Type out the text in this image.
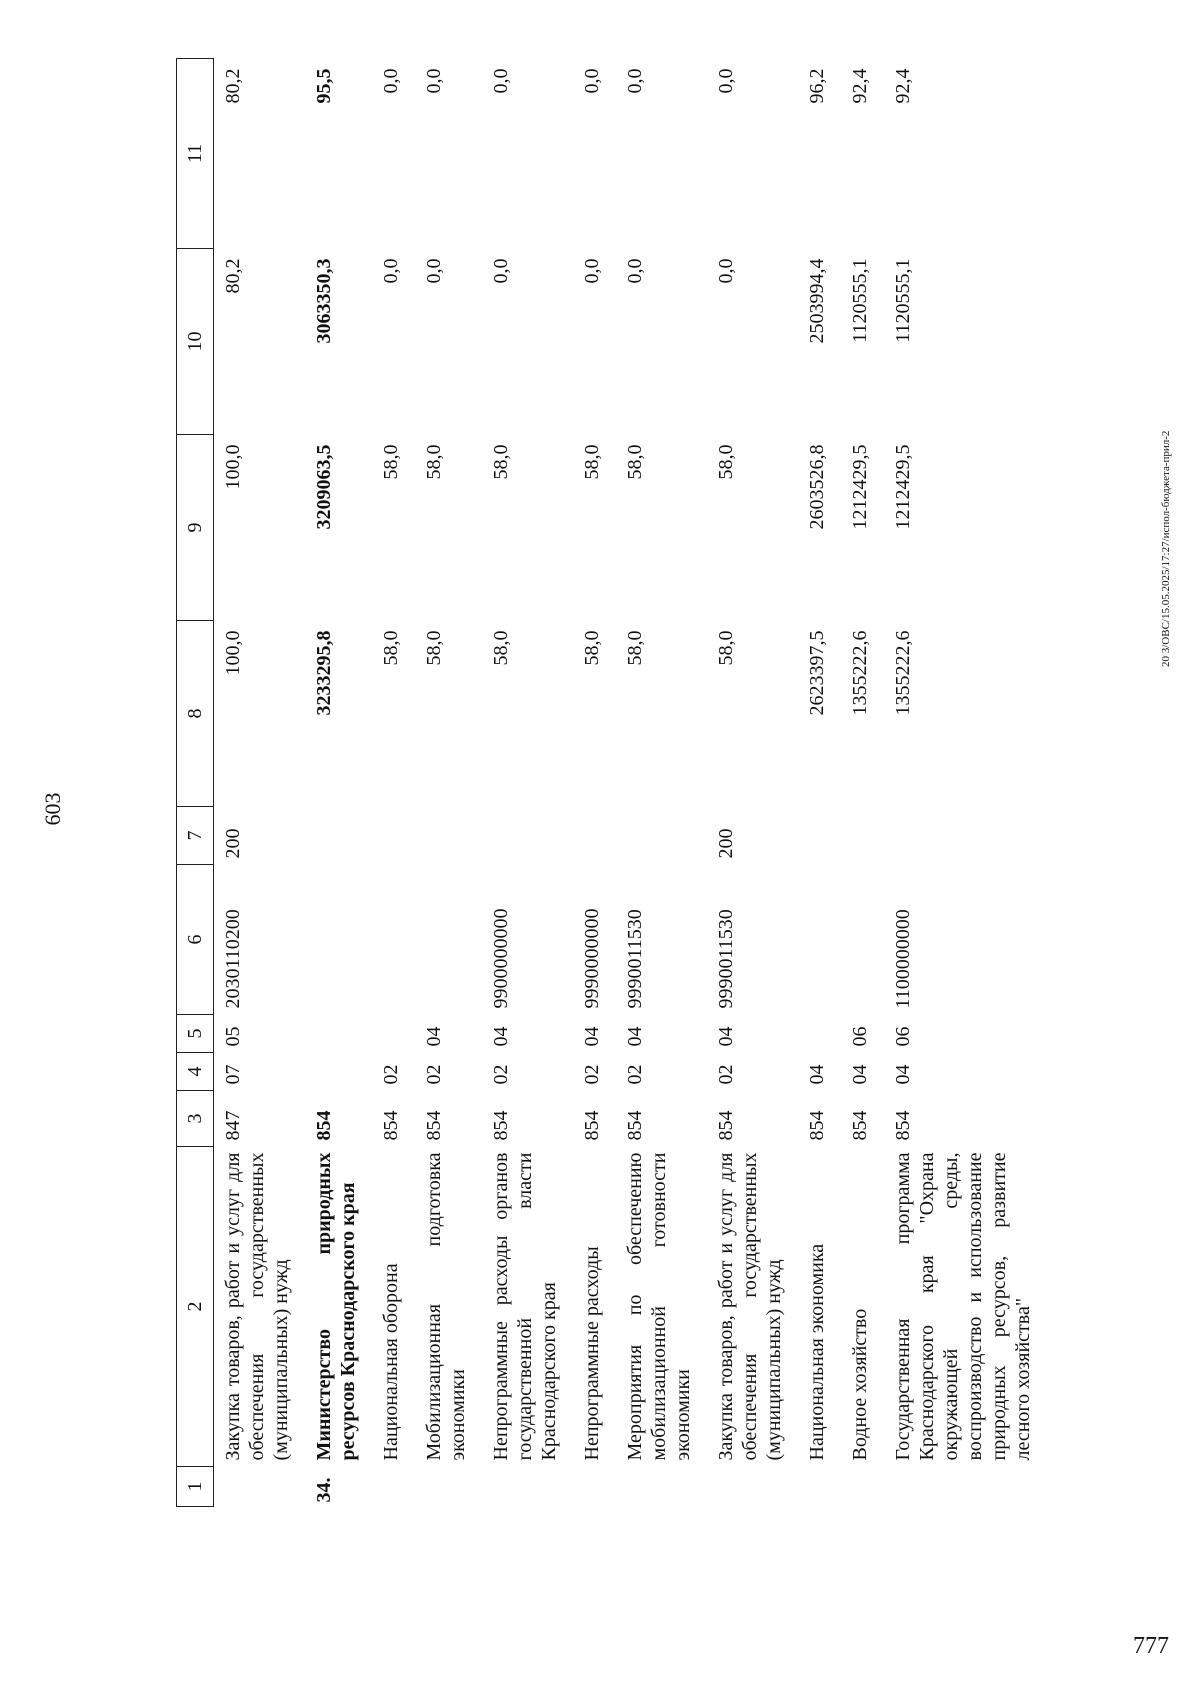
603
1	2	3	4	5	6	7	8	9	10	11
	Закупка товаров, работ и услуг для обеспечения государственных (муниципальных) нужд	847	07	05	2030110200	200	100,0	100,0	80,2	80,2
34.	Министерство природных ресурсов Краснодарского края	854					3233295,8	3209063,5	3063350,3	95,5
	Национальная оборона	854	02				58,0	58,0	0,0	0,0
	Мобилизационная подготовка экономики	854	02	04			58,0	58,0	0,0	0,0
	Непрограммные расходы органов государственной власти Краснодарского края	854	02	04	9900000000		58,0	58,0	0,0	0,0
	Непрограммные расходы	854	02	04	9990000000		58,0	58,0	0,0	0,0
	Мероприятия по обеспечению мобилизационной готовности экономики	854	02	04	9990011530		58,0	58,0	0,0	0,0
	Закупка товаров, работ и услуг для обеспечения государственных (муниципальных) нужд	854	02	04	9990011530	200	58,0	58,0	0,0	0,0
	Национальная экономика	854	04				2623397,5	2603526,8	2503994,4	96,2
	Водное хозяйство	854	04	06			1355222,6	1212429,5	1120555,1	92,4
	Государственная программа Краснодарского края "Охрана окружающей среды, воспроизводство и использование природных ресурсов, развитие лесного хозяйства"	854	04	06	1100000000		1355222,6	1212429,5	1120555,1	92,4
20 3/ОВС/15.05.2025/17:27/испол-бюджета-прил-2
777
